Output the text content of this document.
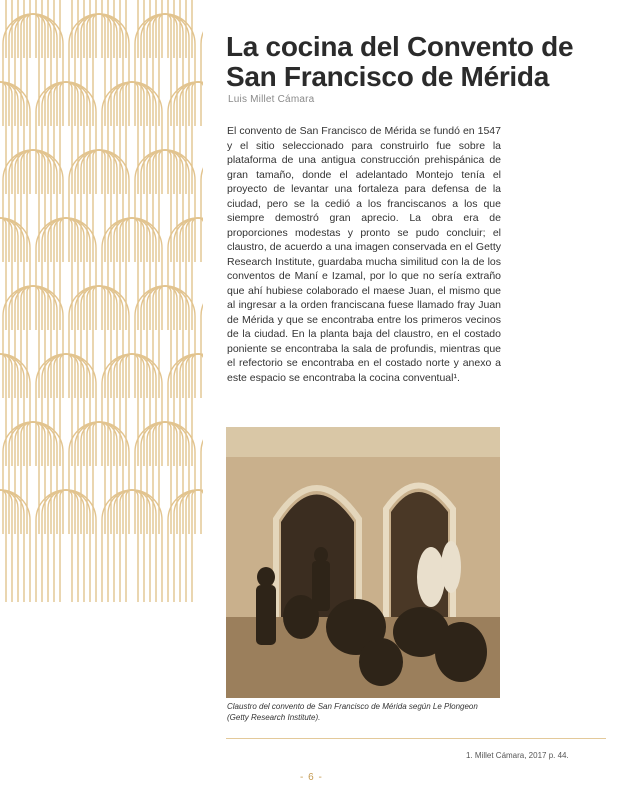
La cocina del Convento de San Francisco de Mérida
Luis Millet Cámara

El convento de San Francisco de Mérida se fundó en 1547 y el sitio seleccionado para construirlo fue sobre la plataforma de una antigua construcción prehispánica de gran tamaño, donde el adelantado Montejo tenía el proyecto de levantar una fortaleza para defensa de la ciudad, pero se la cedió a los franciscanos a los que siempre demostró gran aprecio. La obra era de proporciones modestas y pronto se pudo concluir; el claustro, de acuerdo a una imagen conservada en el Getty Research Institute, guardaba mucha similitud con la de los conventos de Maní e Izamal, por lo que no sería extraño que ahí hubiese colaborado el maese Juan, el mismo que al ingresar a la orden franciscana fuese llamado fray Juan de Mérida y que se encontraba entre los primeros vecinos de la ciudad. En la planta baja del claustro, en el costado poniente se encontraba la sala de profundis, mientras que el refectorio se encontraba en el costado norte y anexo a este espacio se encontraba la cocina conventual¹.

Claustro del convento de San Francisco de Mérida según Le Plongeon (Getty Research Institute).
1. Millet Cámara, 2017 p. 44.
- 6 -
